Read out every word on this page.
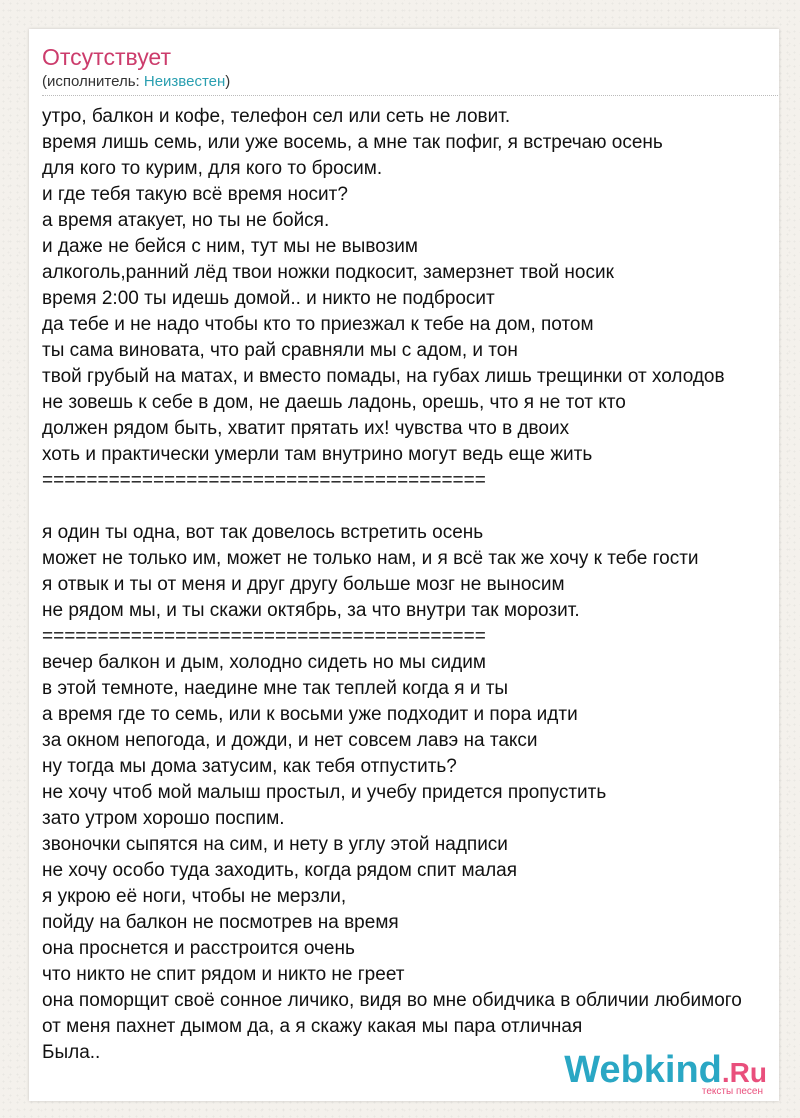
Отсутствует
(исполнитель: Неизвестен)
утро, балкон и кофе, телефон сел или сеть не ловит.
время лишь семь, или уже восемь, а мне так пофиг, я встречаю осень
для кого то курим, для кого то бросим.
и где тебя такую всё время носит?
а время атакует, но ты не бойся.
и даже не бейся с ним, тут мы не вывозим
алкоголь,ранний лёд твои ножки подкосит, замерзнет твой носик
время 2:00 ты идешь домой.. и никто не подбросит
да тебе и не надо чтобы кто то приезжал к тебе на дом, потом
ты сама виновата, что рай сравняли мы с адом, и тон
твой грубый на матах, и вместо помады, на губах лишь трещинки от холодов
не зовешь к себе в дом, не даешь ладонь, орешь, что я не тот кто
должен рядом быть, хватит прятать их! чувства что в двоих
хоть и практически умерли там внутрино могут ведь еще жить
========================================
я один ты одна, вот так довелось встретить осень
может не только им, может не только нам, и я всё так же хочу к тебе гости
я отвык и ты от меня и друг другу больше мозг не выносим
не рядом мы, и ты скажи октябрь, за что внутри так морозит.
========================================
вечер балкон и дым, холодно сидеть но мы сидим
в этой темноте, наедине мне так теплей когда я и ты
а время где то семь, или к восьми уже подходит и пора идти
за окном непогода, и дожди, и нет совсем лавэ на такси
ну тогда мы дома затусим, как тебя отпустить?
не хочу чтоб мой малыш простыл, и учебу придется пропустить
зато утром хорошо поспим.
звоночки сыпятся на сим, и нету в углу этой надписи
не хочу особо туда заходить, когда рядом спит малая
я укрою её ноги, чтобы не мерзли,
пойду на балкон не посмотрев на время
она проснется и расстроится очень
что никто не спит рядом и никто не греет
она поморщит своё сонное личико, видя во мне обидчика в обличии любимого
от меня пахнет дымом да, а я скажу какая мы пара отличная
Была..	Webkind.Ru
тексты песен
